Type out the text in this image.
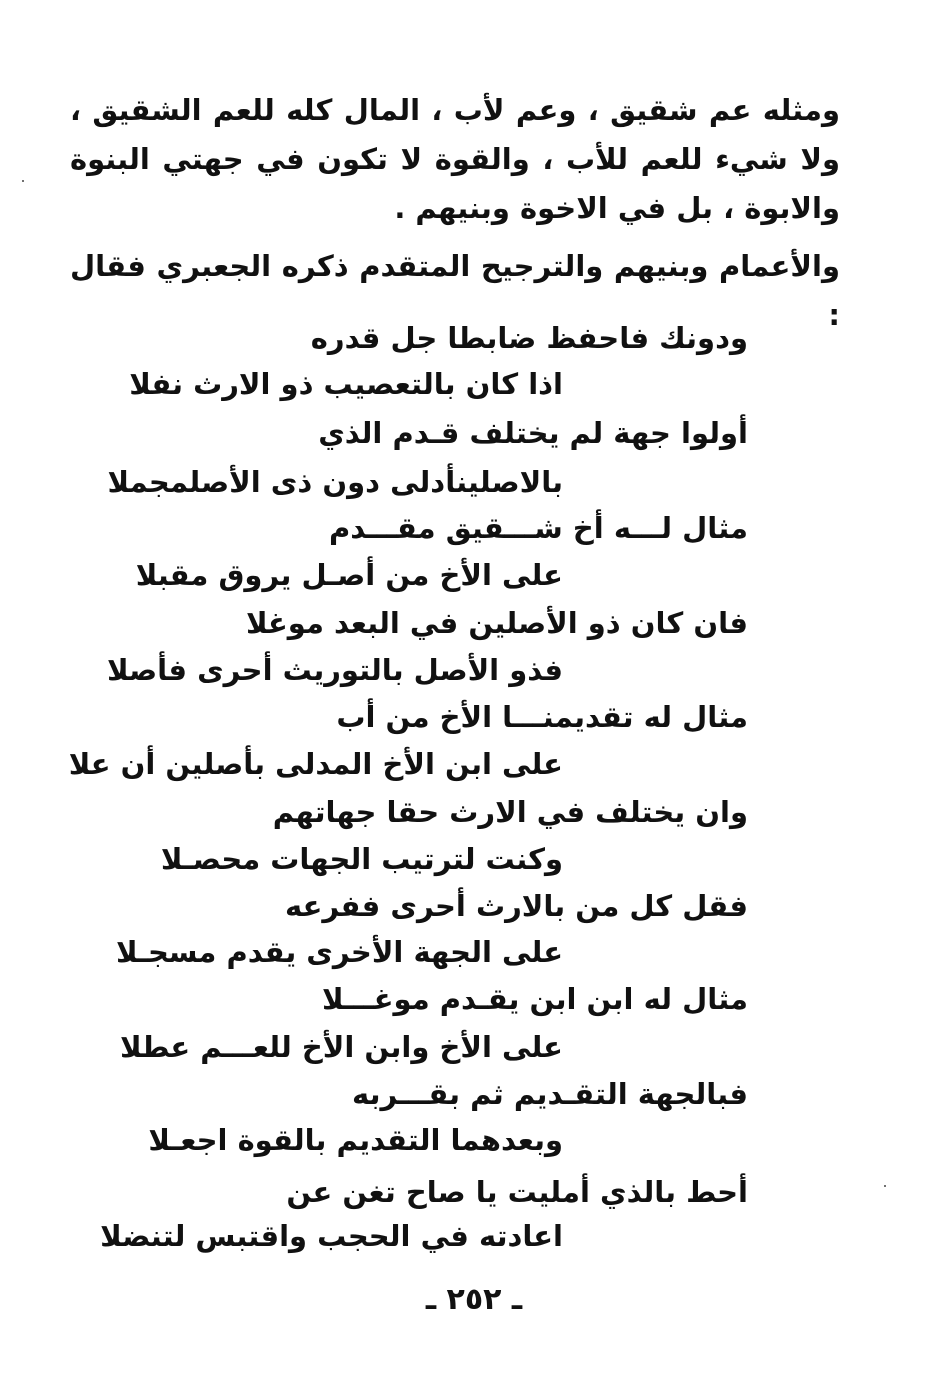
ومثله عم شقيق ، وعم لأب ، المال كله للعم الشقيق ، ولا شيء للعم للأب ، والقوة لا تكون في جهتي البنوة والابوة ، بل في الاخوة وبنيهم .

والأعمام وبنيهم والترجيح المتقدم ذكره الجعبري فقال :

ودونك فاحفظ ضابطا جل قدره

اذا كان بالتعصيب ذو الارث نفلا

أولوا جهة لم يختلف قـدم الذي

بالاصلينأدلى دون ذى الأصلمجملا

مثال لـــه أخ شـــقيق مقـــدم

على الأخ من أصـل يروق مقبلا

فان كان ذو الأصلين في البعد موغلا

فذو الأصل بالتوريث أحرى فأصلا

مثال له تقديمنـــا الأخ من أب

على ابن الأخ المدلى بأصلين أن علا

وان يختلف في الارث حقا جهاتهم

وكنت لترتيب الجهات محصـلا

فقل كل من بالارث أحرى ففرعه

على الجهة الأخرى يقدم مسجـلا

مثال له ابن ابن يقـدم موغـــلا

على الأخ وابن الأخ للعـــم عطلا

فبالجهة التقـديم ثم بقـــربه

وبعدهما التقديم بالقوة اجعـلا

أحط بالذي أمليت يا صاح تغن عن

اعادته في الحجب واقتبس لتنضلا

ـ ٢٥٢ ـ
